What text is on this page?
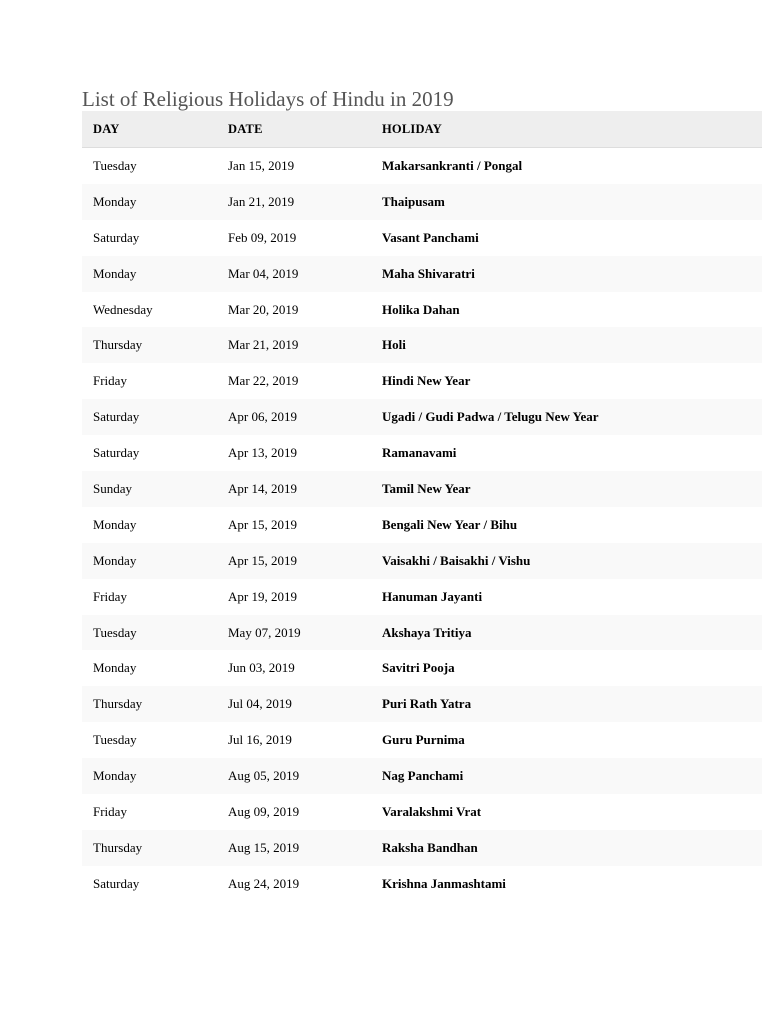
List of Religious Holidays of Hindu in 2019
DAY	DATE	HOLIDAY
Tuesday	Jan 15, 2019	Makarsankranti / Pongal
Monday	Jan 21, 2019	Thaipusam
Saturday	Feb 09, 2019	Vasant Panchami
Monday	Mar 04, 2019	Maha Shivaratri
Wednesday	Mar 20, 2019	Holika Dahan
Thursday	Mar 21, 2019	Holi
Friday	Mar 22, 2019	Hindi New Year
Saturday	Apr 06, 2019	Ugadi / Gudi Padwa / Telugu New Year
Saturday	Apr 13, 2019	Ramanavami
Sunday	Apr 14, 2019	Tamil New Year
Monday	Apr 15, 2019	Bengali New Year / Bihu
Monday	Apr 15, 2019	Vaisakhi / Baisakhi / Vishu
Friday	Apr 19, 2019	Hanuman Jayanti
Tuesday	May 07, 2019	Akshaya Tritiya
Monday	Jun 03, 2019	Savitri Pooja
Thursday	Jul 04, 2019	Puri Rath Yatra
Tuesday	Jul 16, 2019	Guru Purnima
Monday	Aug 05, 2019	Nag Panchami
Friday	Aug 09, 2019	Varalakshmi Vrat
Thursday	Aug 15, 2019	Raksha Bandhan
Saturday	Aug 24, 2019	Krishna Janmashtami
